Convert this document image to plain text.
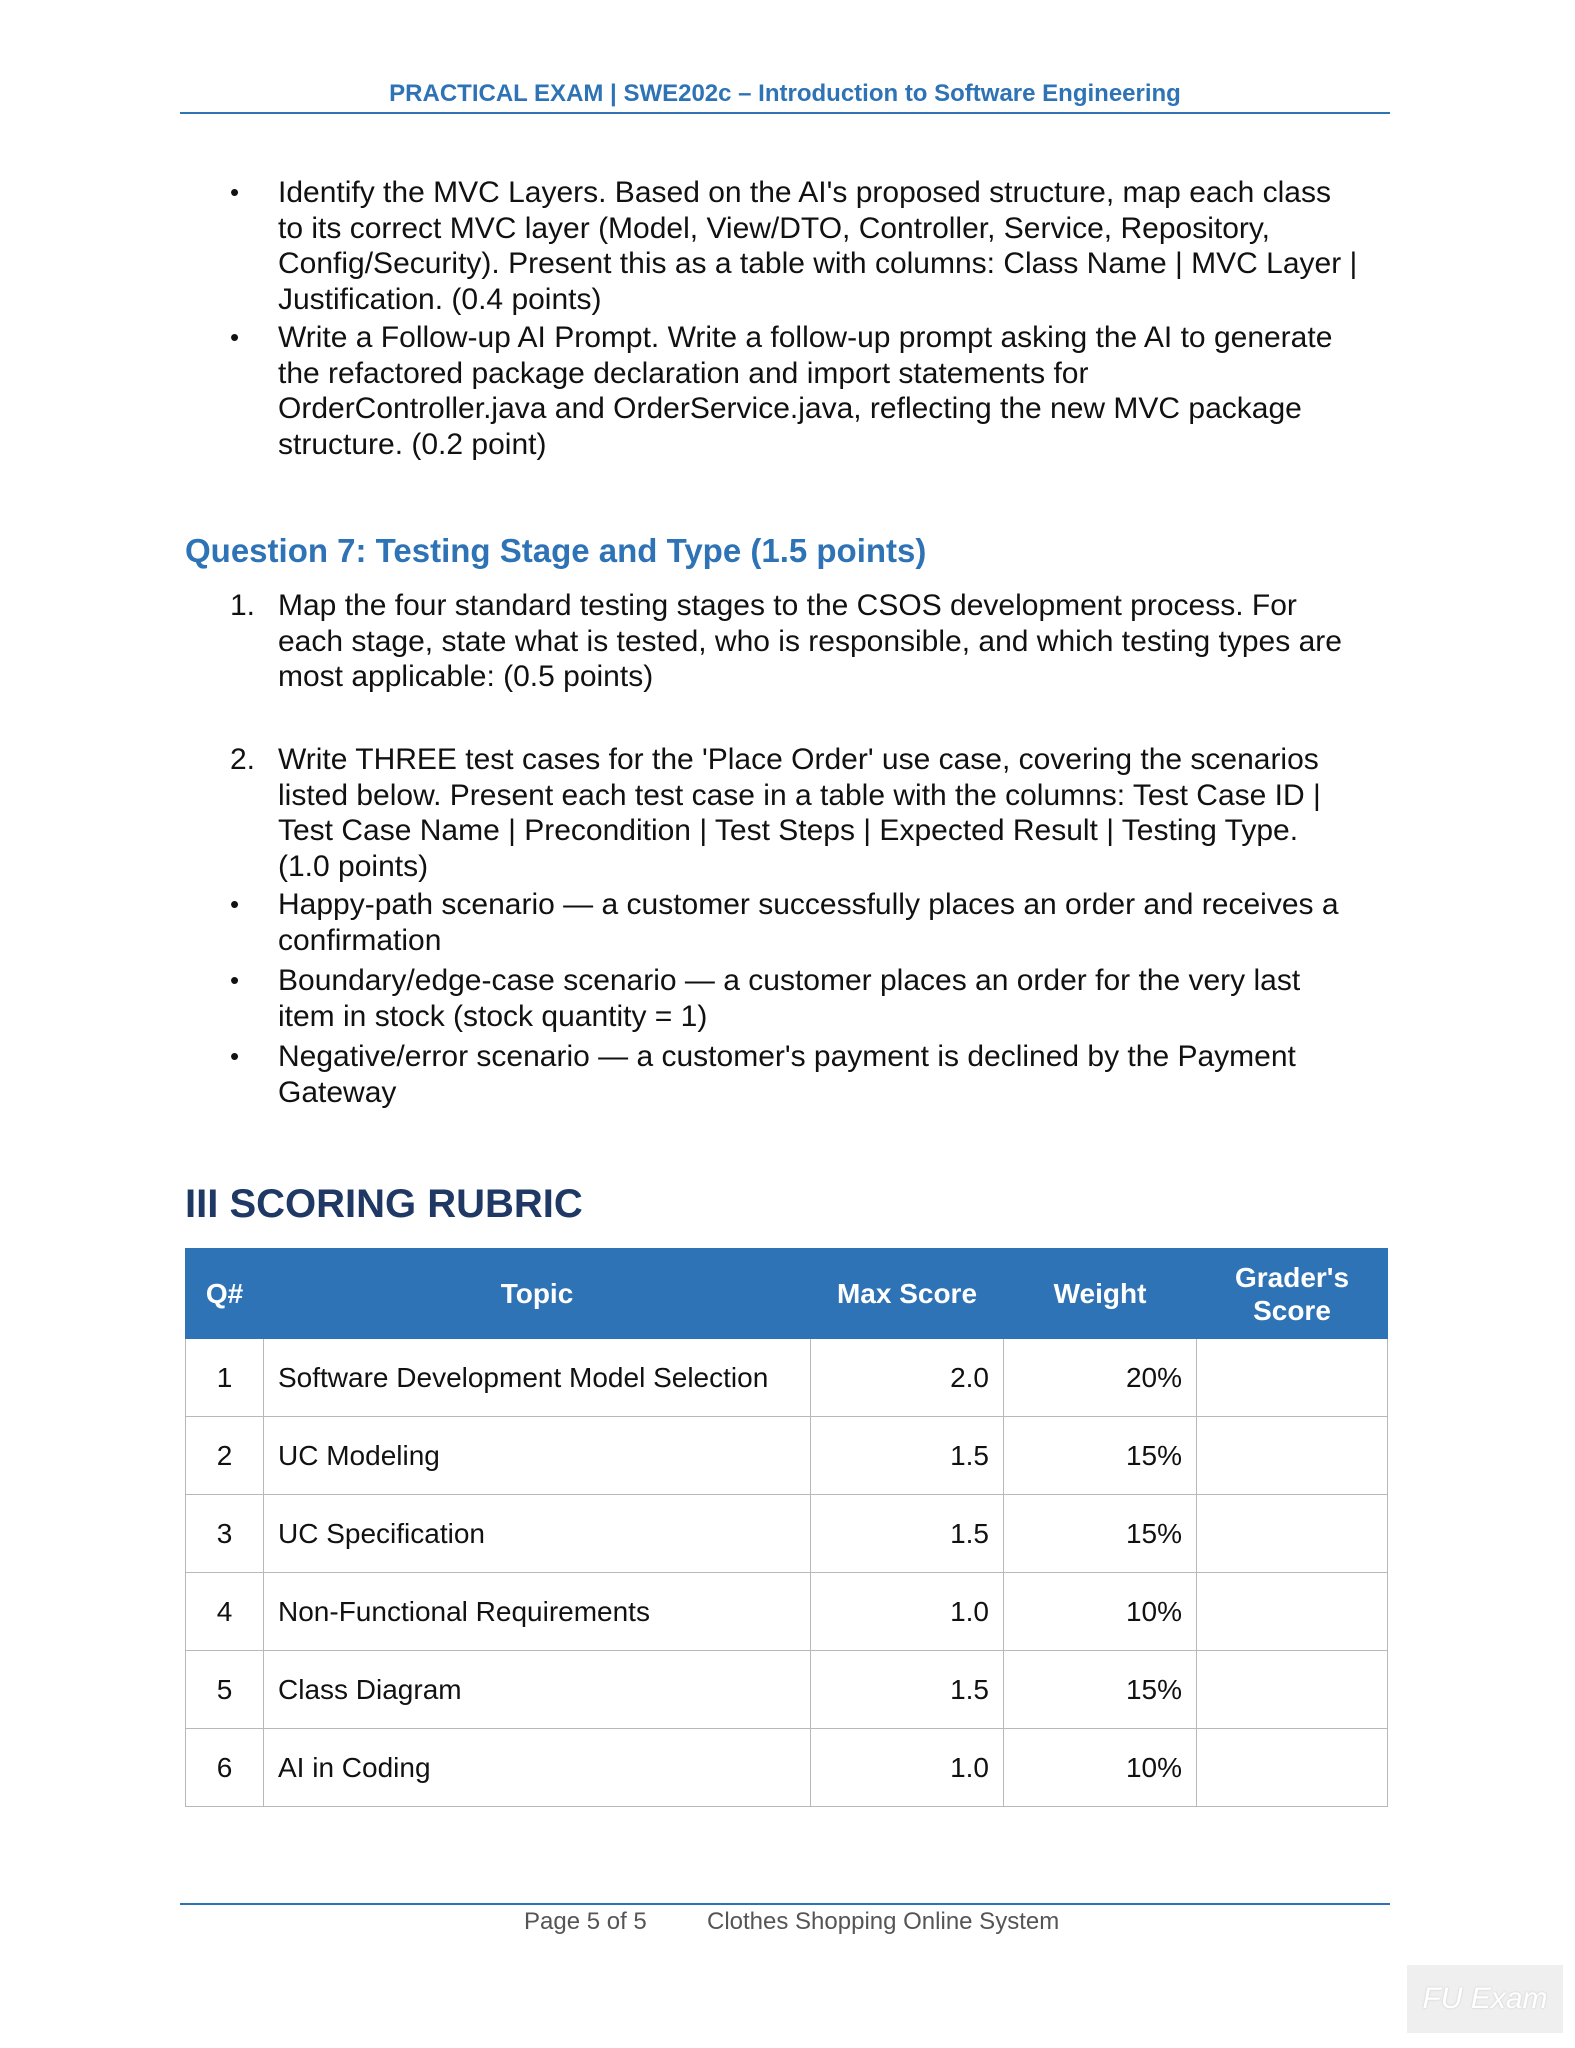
PRACTICAL EXAM | SWE202c – Introduction to Software Engineering
•	Identify the MVC Layers. Based on the AI's proposed structure, map each class
to its correct MVC layer (Model, View/DTO, Controller, Service, Repository,
Config/Security). Present this as a table with columns: Class Name | MVC Layer |
Justification. (0.4 points)
•	Write a Follow-up AI Prompt. Write a follow-up prompt asking the AI to generate
the refactored package declaration and import statements for
OrderController.java and OrderService.java, reflecting the new MVC package
structure. (0.2 point)
Question 7: Testing Stage and Type (1.5 points)
1. Map the four standard testing stages to the CSOS development process. For
each stage, state what is tested, who is responsible, and which testing types are
most applicable: (0.5 points)
2. Write THREE test cases for the 'Place Order' use case, covering the scenarios
listed below. Present each test case in a table with the columns: Test Case ID |
Test Case Name | Precondition | Test Steps | Expected Result | Testing Type.
(1.0 points)
•	Happy-path scenario — a customer successfully places an order and receives a
confirmation
•	Boundary/edge-case scenario — a customer places an order for the very last
item in stock (stock quantity = 1)
•	Negative/error scenario — a customer's payment is declined by the Payment
Gateway
III SCORING RUBRIC
Q#	Topic	Max Score	Weight	Grader's
Score
1	Software Development Model Selection	2.0	20%	
2	UC Modeling	1.5	15%	
3	UC Specification	1.5	15%	
4	Non-Functional Requirements	1.0	10%	
5	Class Diagram	1.5	15%	
6	AI in Coding	1.0	10%	
Page 5 of 5	Clothes Shopping Online System
FU Exam
